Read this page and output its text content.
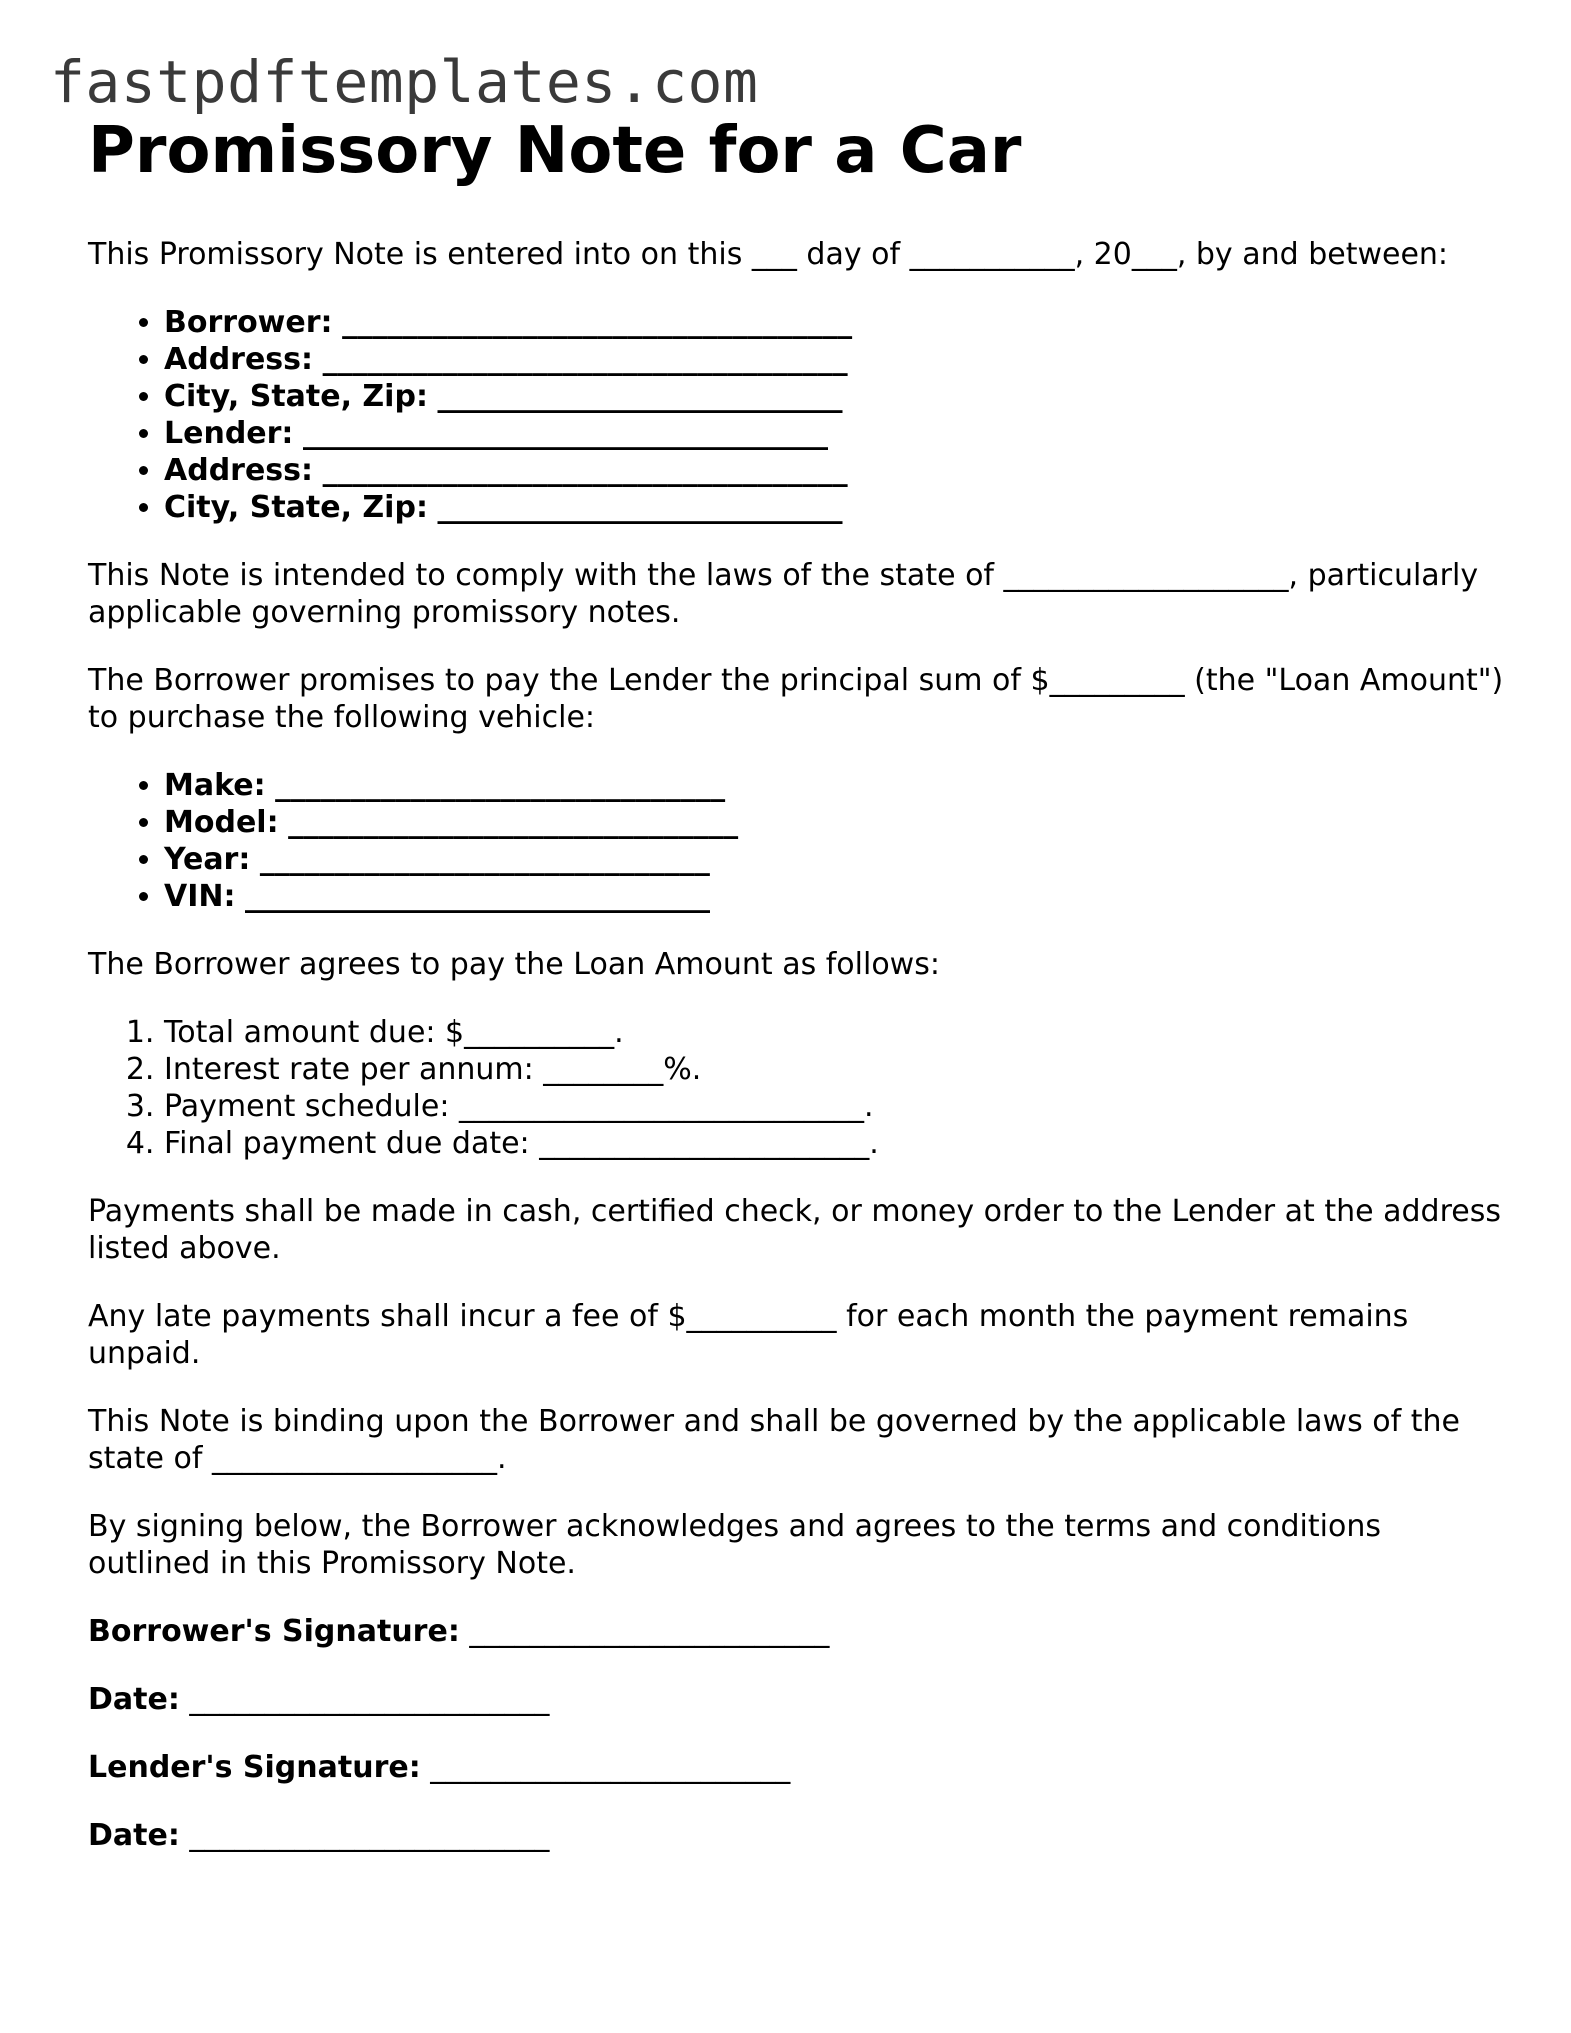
fastpdftemplates.com
Promissory Note for a Car

This Promissory Note is entered into on this ___ day of ___________, 20___, by and between:

• Borrower: __________________________________
• Address: ___________________________________
• City, State, Zip: ___________________________
• Lender: ___________________________________
• Address: ___________________________________
• City, State, Zip: ___________________________

This Note is intended to comply with the laws of the state of ___________________, particularly applicable governing promissory notes.

The Borrower promises to pay the Lender the principal sum of $_________ (the "Loan Amount") to purchase the following vehicle:

• Make: ______________________________
• Model: ______________________________
• Year: ______________________________
• VIN: _______________________________

The Borrower agrees to pay the Loan Amount as follows:

1. Total amount due: $__________.
2. Interest rate per annum: ________%.
3. Payment schedule: ___________________________.
4. Final payment due date: ______________________.

Payments shall be made in cash, certified check, or money order to the Lender at the address listed above.

Any late payments shall incur a fee of $__________ for each month the payment remains unpaid.

This Note is binding upon the Borrower and shall be governed by the applicable laws of the state of ___________________.

By signing below, the Borrower acknowledges and agrees to the terms and conditions outlined in this Promissory Note.

Borrower's Signature: ________________________

Date: ________________________

Lender's Signature: ________________________

Date: ________________________
